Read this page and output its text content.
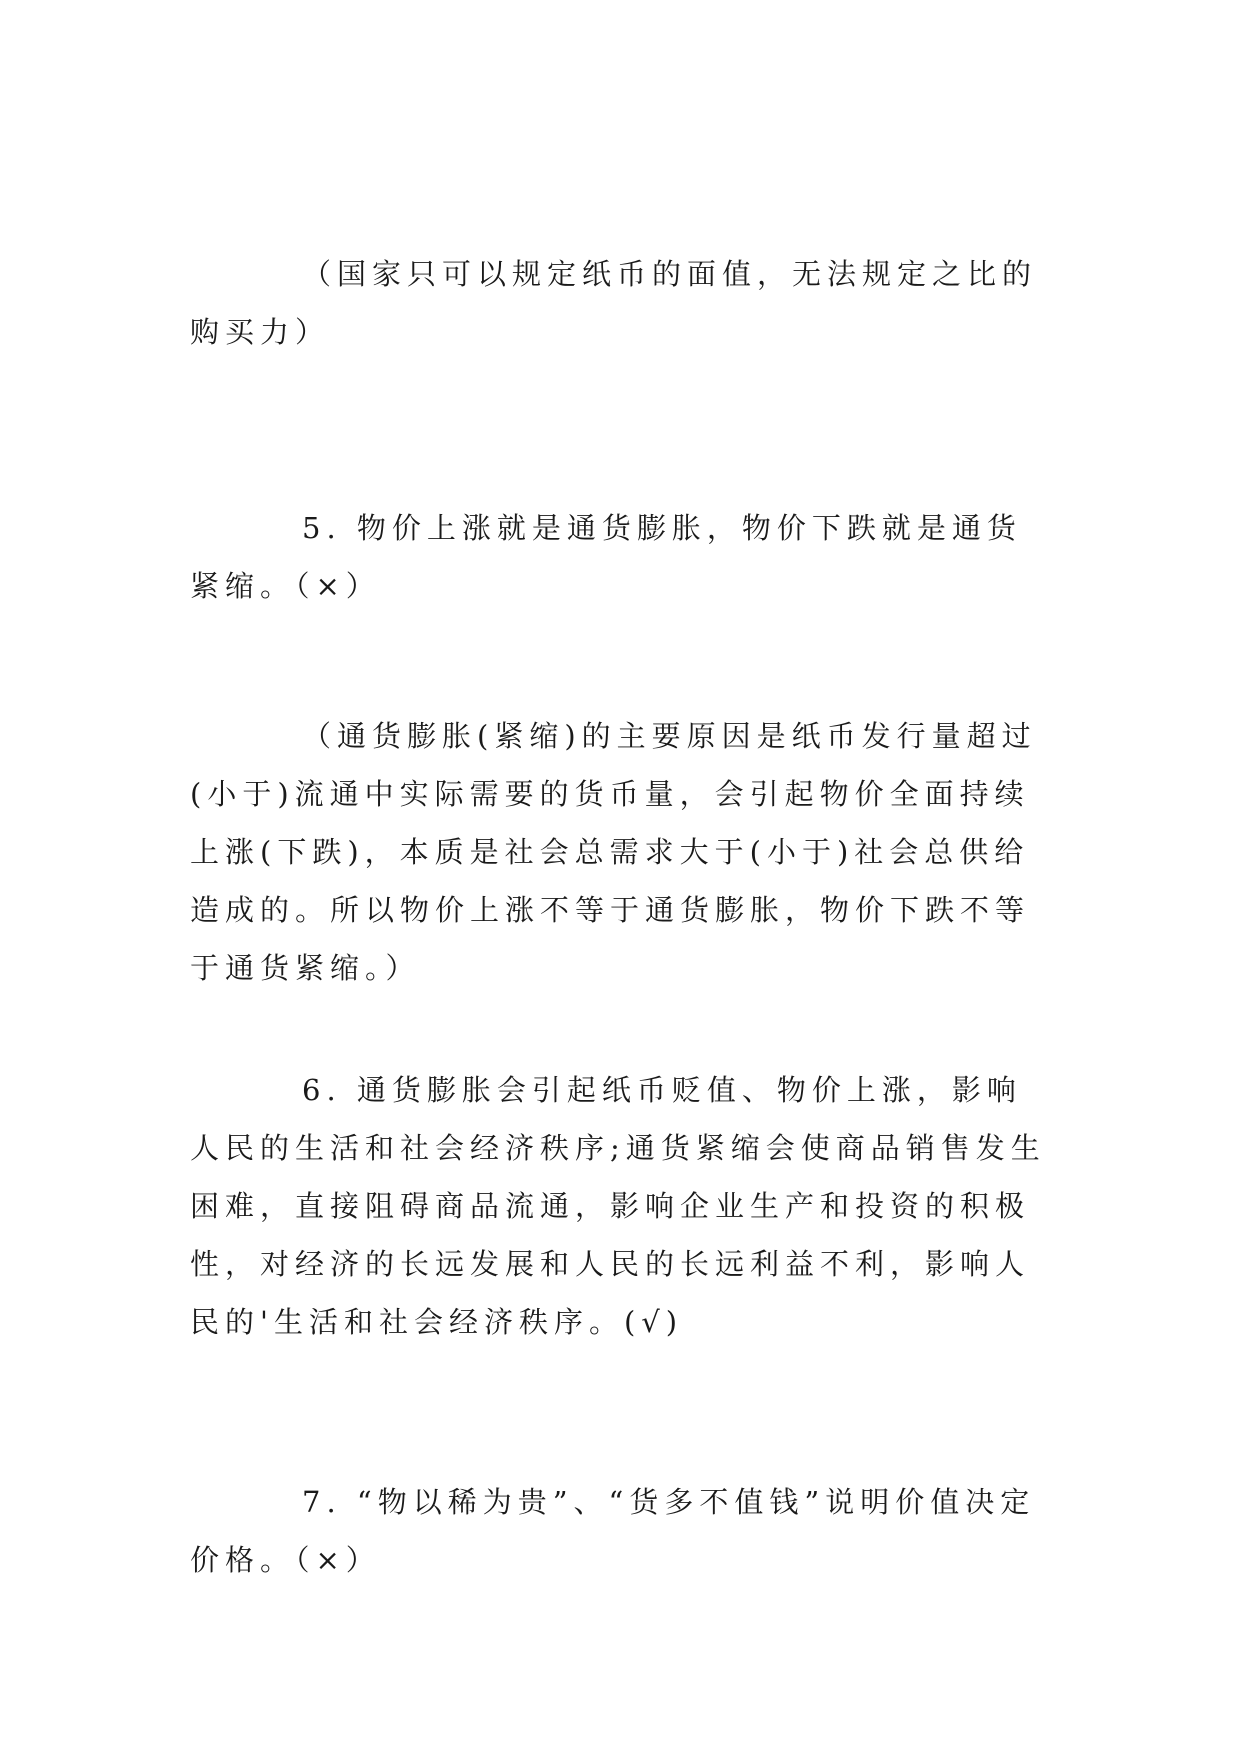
（国家只可以规定纸币的面值，无法规定之比的购买力）

5. 物价上涨就是通货膨胀，物价下跌就是通货紧缩。（×）

（通货膨胀(紧缩)的主要原因是纸币发行量超过(小于)流通中实际需要的货币量，会引起物价全面持续上涨(下跌)，本质是社会总需求大于(小于)社会总供给造成的。所以物价上涨不等于通货膨胀，物价下跌不等于通货紧缩。）

6. 通货膨胀会引起纸币贬值、物价上涨，影响人民的生活和社会经济秩序;通货紧缩会使商品销售发生困难，直接阻碍商品流通，影响企业生产和投资的积极性，对经济的长远发展和人民的长远利益不利，影响人民的'生活和社会经济秩序。(√)

7. “物以稀为贵”、“货多不值钱”说明价值决定价格。（×）
